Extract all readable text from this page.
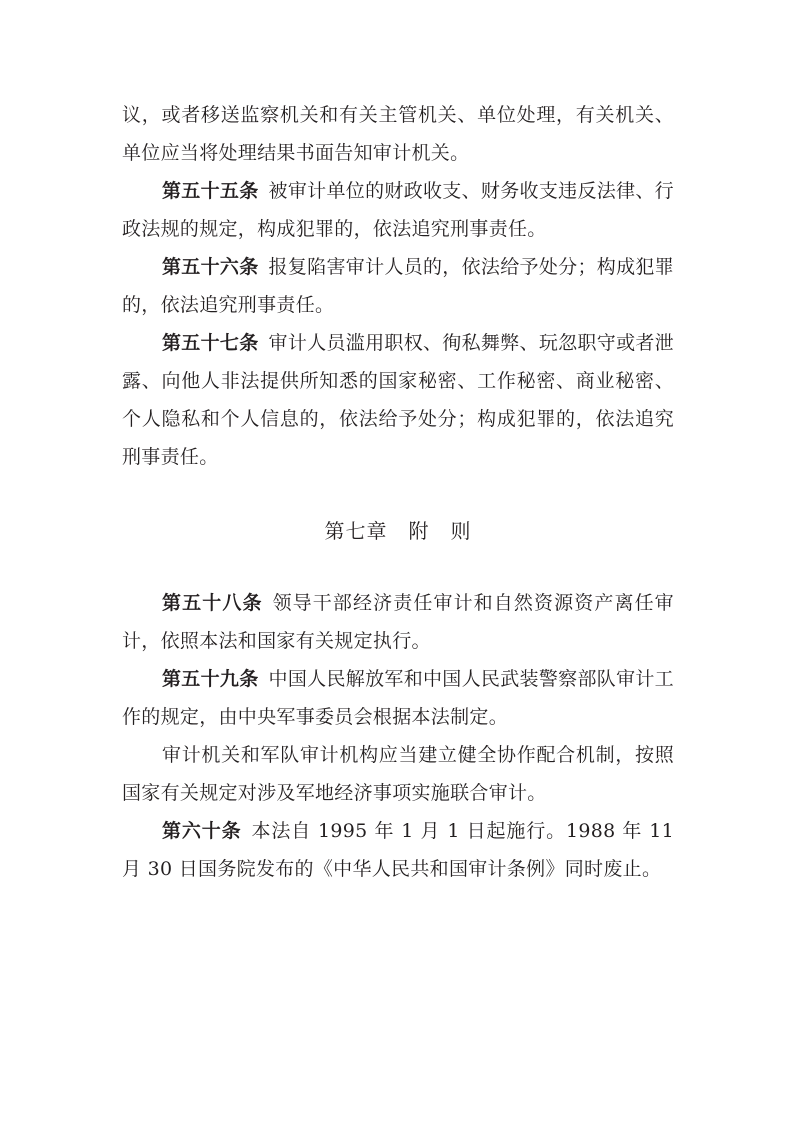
议，或者移送监察机关和有关主管机关、单位处理，有关机关、单位应当将处理结果书面告知审计机关。

第五十五条 被审计单位的财政收支、财务收支违反法律、行政法规的规定，构成犯罪的，依法追究刑事责任。

第五十六条 报复陷害审计人员的，依法给予处分；构成犯罪的，依法追究刑事责任。

第五十七条 审计人员滥用职权、徇私舞弊、玩忽职守或者泄露、向他人非法提供所知悉的国家秘密、工作秘密、商业秘密、个人隐私和个人信息的，依法给予处分；构成犯罪的，依法追究刑事责任。

第七章　附　则

第五十八条 领导干部经济责任审计和自然资源资产离任审计，依照本法和国家有关规定执行。

第五十九条 中国人民解放军和中国人民武装警察部队审计工作的规定，由中央军事委员会根据本法制定。

审计机关和军队审计机构应当建立健全协作配合机制，按照国家有关规定对涉及军地经济事项实施联合审计。

第六十条 本法自 1995 年 1 月 1 日起施行。1988 年 11 月 30 日国务院发布的《中华人民共和国审计条例》同时废止。
